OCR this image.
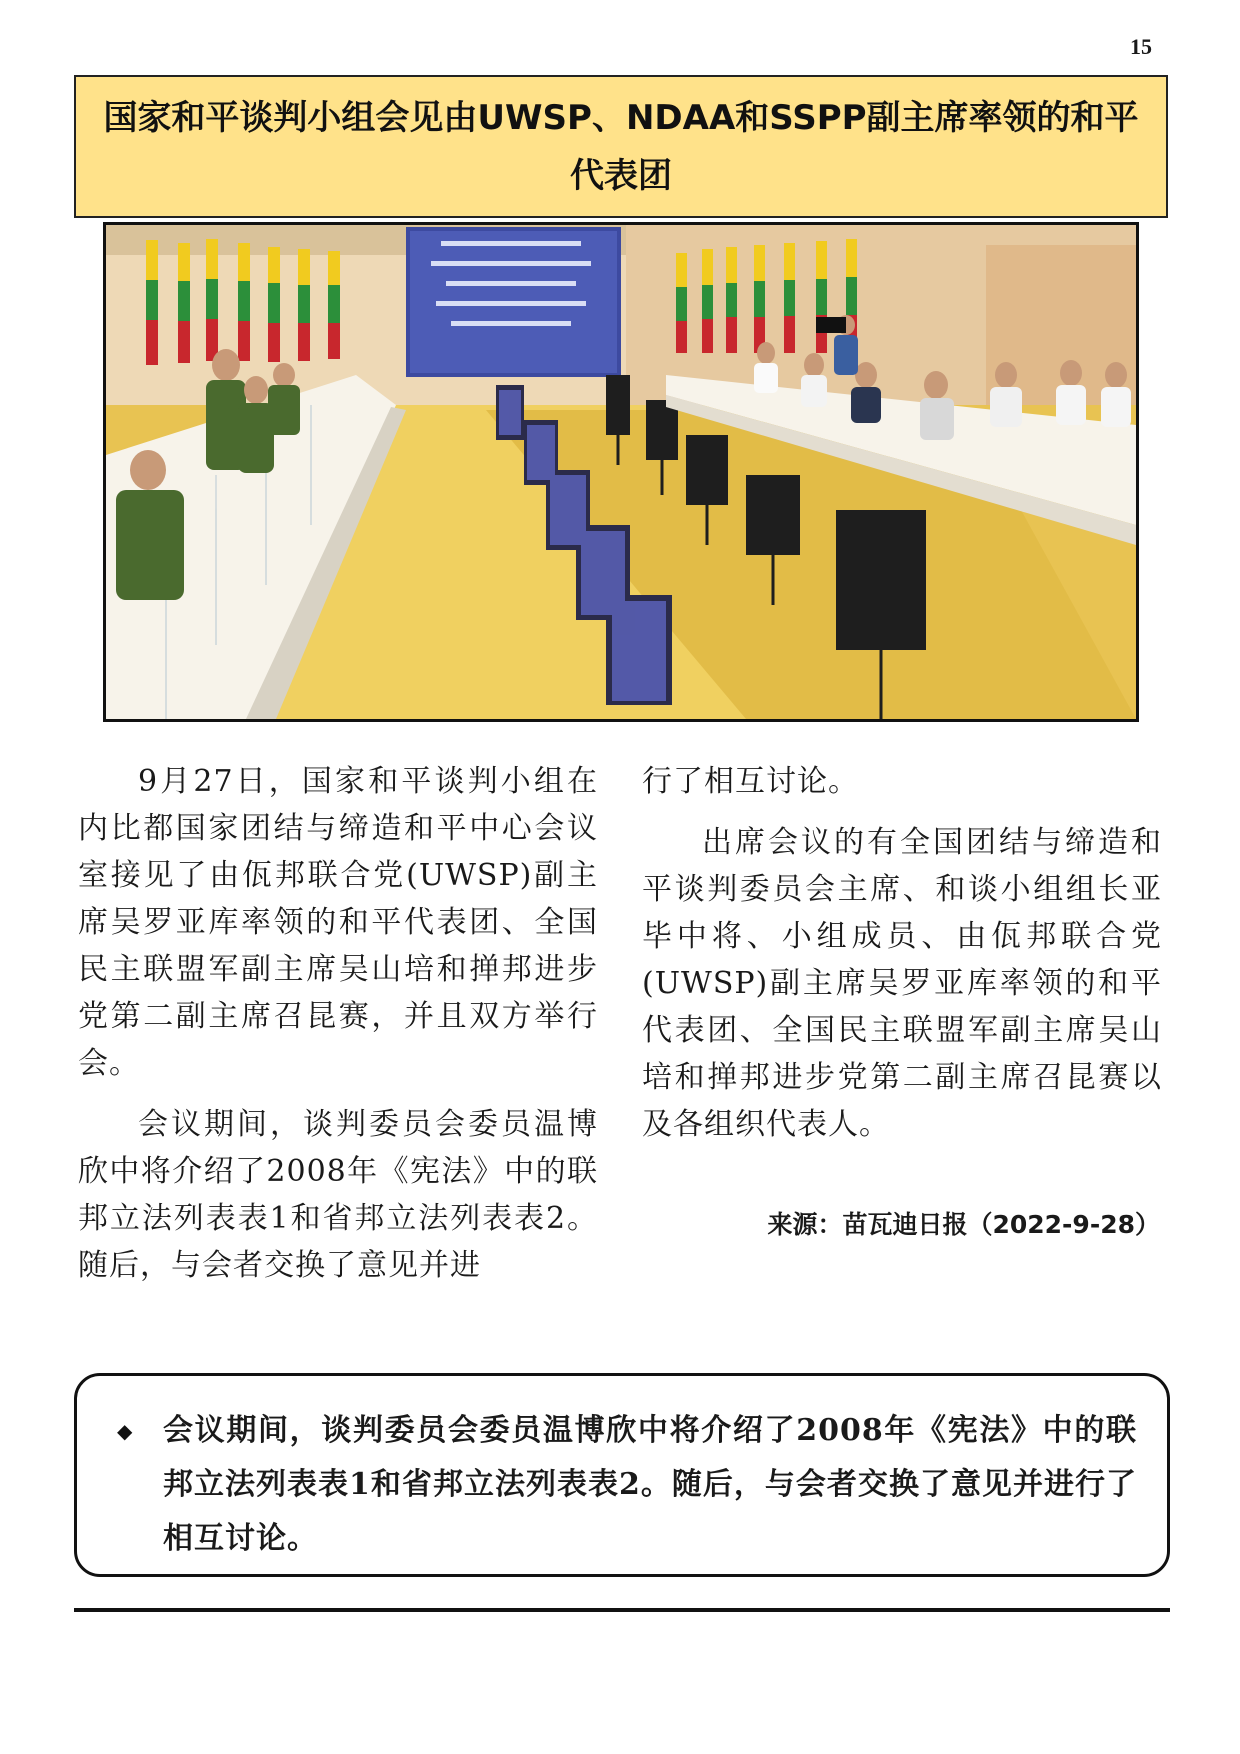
15
国家和平谈判小组会见由UWSP、NDAA和SSPP副主席率领的和平代表团

9月27日，国家和平谈判小组在内比都国家团结与缔造和平中心会议室接见了由佤邦联合党(UWSP)副主席吴罗亚库率领的和平代表团、全国民主联盟军副主席吴山培和掸邦进步党第二副主席召昆赛，并且双方举行会。

会议期间，谈判委员会委员温博欣中将介绍了2008年《宪法》中的联邦立法列表表1和省邦立法列表表2。随后，与会者交换了意见并进

行了相互讨论。

出席会议的有全国团结与缔造和平谈判委员会主席、和谈小组组长亚毕中将、小组成员、由佤邦联合党(UWSP)副主席吴罗亚库率领的和平代表团、全国民主联盟军副主席吴山培和掸邦进步党第二副主席召昆赛以及各组织代表人。

来源：苗瓦迪日报（2022-9-28）
◆	会议期间，谈判委员会委员温博欣中将介绍了2008年《宪法》中的联邦立法列表表1和省邦立法列表表2。随后，与会者交换了意见并进行了相互讨论。
